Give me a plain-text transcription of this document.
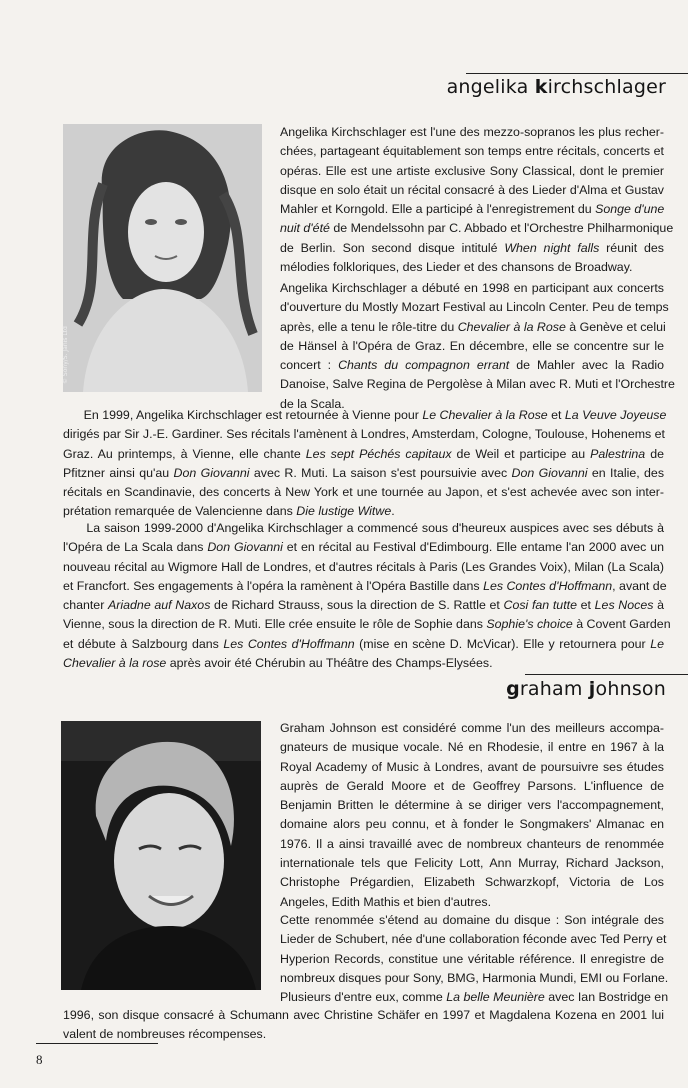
angelika kirchschlager
© Sony/S. Janis Ltd

Angelika Kirchschlager est l'une des mezzo-sopranos les plus recher-
chées, partageant équitablement son temps entre récitals, concerts et
opéras. Elle est une artiste exclusive Sony Classical, dont le premier
disque en solo était un récital consacré à des Lieder d'Alma et Gustav
Mahler et Korngold. Elle a participé à l'enregistrement du Songe d'une
nuit d'été de Mendelssohn par C. Abbado et l'Orchestre Philharmonique
de Berlin. Son second disque intitulé When night falls réunit des
mélodies folkloriques, des Lieder et des chansons de Broadway.

Angelika Kirchschlager a débuté en 1998 en participant aux concerts
d'ouverture du Mostly Mozart Festival au Lincoln Center. Peu de temps
après, elle a tenu le rôle-titre du Chevalier à la Rose à Genève et celui
de Hänsel à l'Opéra de Graz. En décembre, elle se concentre sur le
concert : Chants du compagnon errant de Mahler avec la Radio
Danoise, Salve Regina de Pergolèse à Milan avec R. Muti et l'Orchestre
de la Scala.

En 1999, Angelika Kirchschlager est retournée à Vienne pour Le Chevalier à la Rose et La Veuve Joyeuse
dirigés par Sir J.-E. Gardiner. Ses récitals l'amènent à Londres, Amsterdam, Cologne, Toulouse, Hohenems et
Graz. Au printemps, à Vienne, elle chante Les sept Péchés capitaux de Weil et participe au Palestrina de
Pfitzner ainsi qu'au Don Giovanni avec R. Muti. La saison s'est poursuivie avec Don Giovanni en Italie, des
récitals en Scandinavie, des concerts à New York et une tournée au Japon, et s'est achevée avec son inter-
prétation remarquée de Valencienne dans Die lustige Witwe.

La saison 1999-2000 d'Angelika Kirchschlager a commencé sous d'heureux auspices avec ses débuts à
l'Opéra de La Scala dans Don Giovanni et en récital au Festival d'Edimbourg. Elle entame l'an 2000 avec un
nouveau récital au Wigmore Hall de Londres, et d'autres récitals à Paris (Les Grandes Voix), Milan (La Scala)
et Francfort. Ses engagements à l'opéra la ramènent à l'Opéra Bastille dans Les Contes d'Hoffmann, avant de
chanter Ariadne auf Naxos de Richard Strauss, sous la direction de S. Rattle et Cosi fan tutte et Les Noces à
Vienne, sous la direction de R. Muti. Elle crée ensuite le rôle de Sophie dans Sophie's choice à Covent Garden
et débute à Salzbourg dans Les Contes d'Hoffmann (mise en scène D. McVicar). Elle y retournera pour Le
Chevalier à la rose après avoir été Chérubin au Théâtre des Champs-Elysées.

graham johnson

Graham Johnson est considéré comme l'un des meilleurs accompa-
gnateurs de musique vocale. Né en Rhodesie, il entre en 1967 à la
Royal Academy of Music à Londres, avant de poursuivre ses études
auprès de Gerald Moore et de Geoffrey Parsons. L'influence de
Benjamin Britten le détermine à se diriger vers l'accompagnement,
domaine alors peu connu, et à fonder le Songmakers' Almanac en
1976. Il a ainsi travaillé avec de nombreux chanteurs de renommée
internationale tels que Felicity Lott, Ann Murray, Richard Jackson,
Christophe Prégardien, Elizabeth Schwarzkopf, Victoria de Los
Angeles, Edith Mathis et bien d'autres.

Cette renommée s'étend au domaine du disque : Son intégrale des
Lieder de Schubert, née d'une collaboration féconde avec Ted Perry et
Hyperion Records, constitue une véritable référence. Il enregistre de
nombreux disques pour Sony, BMG, Harmonia Mundi, EMI ou Forlane.
Plusieurs d'entre eux, comme La belle Meunière avec Ian Bostridge en

1996, son disque consacré à Schumann avec Christine Schäfer en 1997 et Magdalena Kozena en 2001 lui
valent de nombreuses récompenses.

8
